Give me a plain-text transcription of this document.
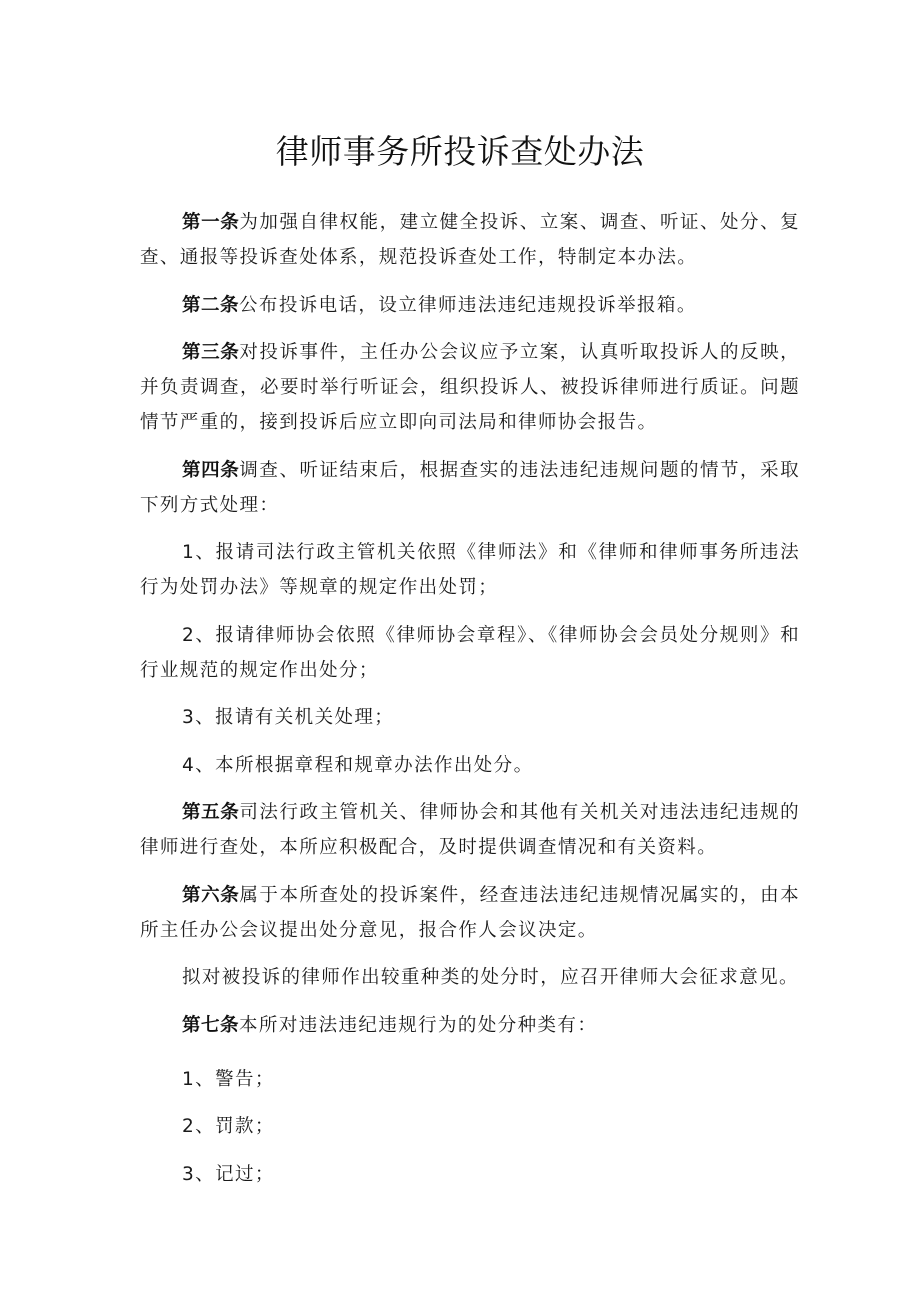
律师事务所投诉查处办法

第一条为加强自律权能，建立健全投诉、立案、调查、听证、处分、复查、通报等投诉查处体系，规范投诉查处工作，特制定本办法。

第二条公布投诉电话，设立律师违法违纪违规投诉举报箱。

第三条对投诉事件，主任办公会议应予立案，认真听取投诉人的反映，并负责调查，必要时举行听证会，组织投诉人、被投诉律师进行质证。问题情节严重的，接到投诉后应立即向司法局和律师协会报告。

第四条调查、听证结束后，根据查实的违法违纪违规问题的情节，采取下列方式处理：

1、报请司法行政主管机关依照《律师法》和《律师和律师事务所违法行为处罚办法》等规章的规定作出处罚；

2、报请律师协会依照《律师协会章程》、《律师协会会员处分规则》和行业规范的规定作出处分；

3、报请有关机关处理；

4、本所根据章程和规章办法作出处分。

第五条司法行政主管机关、律师协会和其他有关机关对违法违纪违规的律师进行查处，本所应积极配合，及时提供调查情况和有关资料。

第六条属于本所查处的投诉案件，经查违法违纪违规情况属实的，由本所主任办公会议提出处分意见，报合作人会议决定。

拟对被投诉的律师作出较重种类的处分时，应召开律师大会征求意见。

第七条本所对违法违纪违规行为的处分种类有：

1、警告；

2、罚款；

3、记过；
